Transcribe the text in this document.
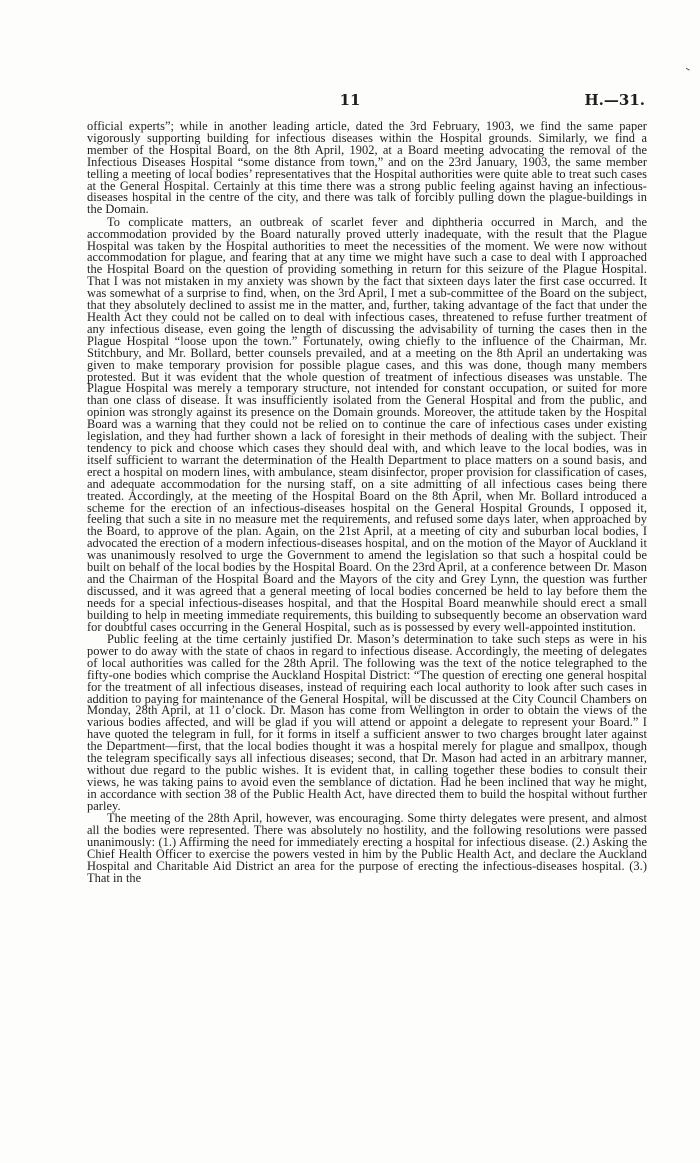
11	H.—31.

official experts”; while in another leading article, dated the 3rd February, 1903, we find the same paper vigorously supporting building for infectious diseases within the Hospital grounds. Similarly, we find a member of the Hospital Board, on the 8th April, 1902, at a Board meeting advocating the removal of the Infectious Diseases Hospital “some distance from town,” and on the 23rd January, 1903, the same member telling a meeting of local bodies’ representatives that the Hospital authorities were quite able to treat such cases at the General Hospital. Certainly at this time there was a strong public feeling against having an infectious-diseases hospital in the centre of the city, and there was talk of forcibly pulling down the plague-buildings in the Domain.

To complicate matters, an outbreak of scarlet fever and diphtheria occurred in March, and the accommodation provided by the Board naturally proved utterly inadequate, with the result that the Plague Hospital was taken by the Hospital authorities to meet the necessities of the moment. We were now without accommodation for plague, and fearing that at any time we might have such a case to deal with I approached the Hospital Board on the question of providing something in return for this seizure of the Plague Hospital. That I was not mistaken in my anxiety was shown by the fact that sixteen days later the first case occurred. It was somewhat of a surprise to find, when, on the 3rd April, I met a sub-committee of the Board on the subject, that they absolutely declined to assist me in the matter, and, further, taking advantage of the fact that under the Health Act they could not be called on to deal with infectious cases, threatened to refuse further treatment of any infectious disease, even going the length of discussing the advisability of turning the cases then in the Plague Hospital “loose upon the town.” Fortunately, owing chiefly to the influence of the Chairman, Mr. Stitchbury, and Mr. Bollard, better counsels prevailed, and at a meeting on the 8th April an undertaking was given to make temporary provision for possible plague cases, and this was done, though many members protested. But it was evident that the whole question of treatment of infectious diseases was unstable. The Plague Hospital was merely a temporary structure, not intended for constant occupation, or suited for more than one class of disease. It was insufficiently isolated from the General Hospital and from the public, and opinion was strongly against its presence on the Domain grounds. Moreover, the attitude taken by the Hospital Board was a warning that they could not be relied on to continue the care of infectious cases under existing legislation, and they had further shown a lack of foresight in their methods of dealing with the subject. Their tendency to pick and choose which cases they should deal with, and which leave to the local bodies, was in itself sufficient to warrant the determination of the Health Department to place matters on a sound basis, and erect a hospital on modern lines, with ambulance, steam disinfector, proper provision for classification of cases, and adequate accommodation for the nursing staff, on a site admitting of all infectious cases being there treated. Accordingly, at the meeting of the Hospital Board on the 8th April, when Mr. Bollard introduced a scheme for the erection of an infectious-diseases hospital on the General Hospital Grounds, I opposed it, feeling that such a site in no measure met the requirements, and refused some days later, when approached by the Board, to approve of the plan. Again, on the 21st April, at a meeting of city and suburban local bodies, I advocated the erection of a modern infectious-diseases hospital, and on the motion of the Mayor of Auckland it was unanimously resolved to urge the Government to amend the legislation so that such a hospital could be built on behalf of the local bodies by the Hospital Board. On the 23rd April, at a conference between Dr. Mason and the Chairman of the Hospital Board and the Mayors of the city and Grey Lynn, the question was further discussed, and it was agreed that a general meeting of local bodies concerned be held to lay before them the needs for a special infectious-diseases hospital, and that the Hospital Board meanwhile should erect a small building to help in meeting immediate requirements, this building to subsequently become an observation ward for doubtful cases occurring in the General Hospital, such as is possessed by every well-appointed institution.

Public feeling at the time certainly justified Dr. Mason’s determination to take such steps as were in his power to do away with the state of chaos in regard to infectious disease. Accordingly, the meeting of delegates of local authorities was called for the 28th April. The following was the text of the notice telegraphed to the fifty-one bodies which comprise the Auckland Hospital District: “The question of erecting one general hospital for the treatment of all infectious diseases, instead of requiring each local authority to look after such cases in addition to paying for maintenance of the General Hospital, will be discussed at the City Council Chambers on Monday, 28th April, at 11 o’clock. Dr. Mason has come from Wellington in order to obtain the views of the various bodies affected, and will be glad if you will attend or appoint a delegate to represent your Board.” I have quoted the telegram in full, for it forms in itself a sufficient answer to two charges brought later against the Department—first, that the local bodies thought it was a hospital merely for plague and smallpox, though the telegram specifically says all infectious diseases; second, that Dr. Mason had acted in an arbitrary manner, without due regard to the public wishes. It is evident that, in calling together these bodies to consult their views, he was taking pains to avoid even the semblance of dictation. Had he been inclined that way he might, in accordance with section 38 of the Public Health Act, have directed them to build the hospital without further parley.

The meeting of the 28th April, however, was encouraging. Some thirty delegates were present, and almost all the bodies were represented. There was absolutely no hostility, and the following resolutions were passed unanimously: (1.) Affirming the need for immediately erecting a hospital for infectious disease. (2.) Asking the Chief Health Officer to exercise the powers vested in him by the Public Health Act, and declare the Auckland Hospital and Charitable Aid District an area for the purpose of erecting the infectious-diseases hospital. (3.) That in the
